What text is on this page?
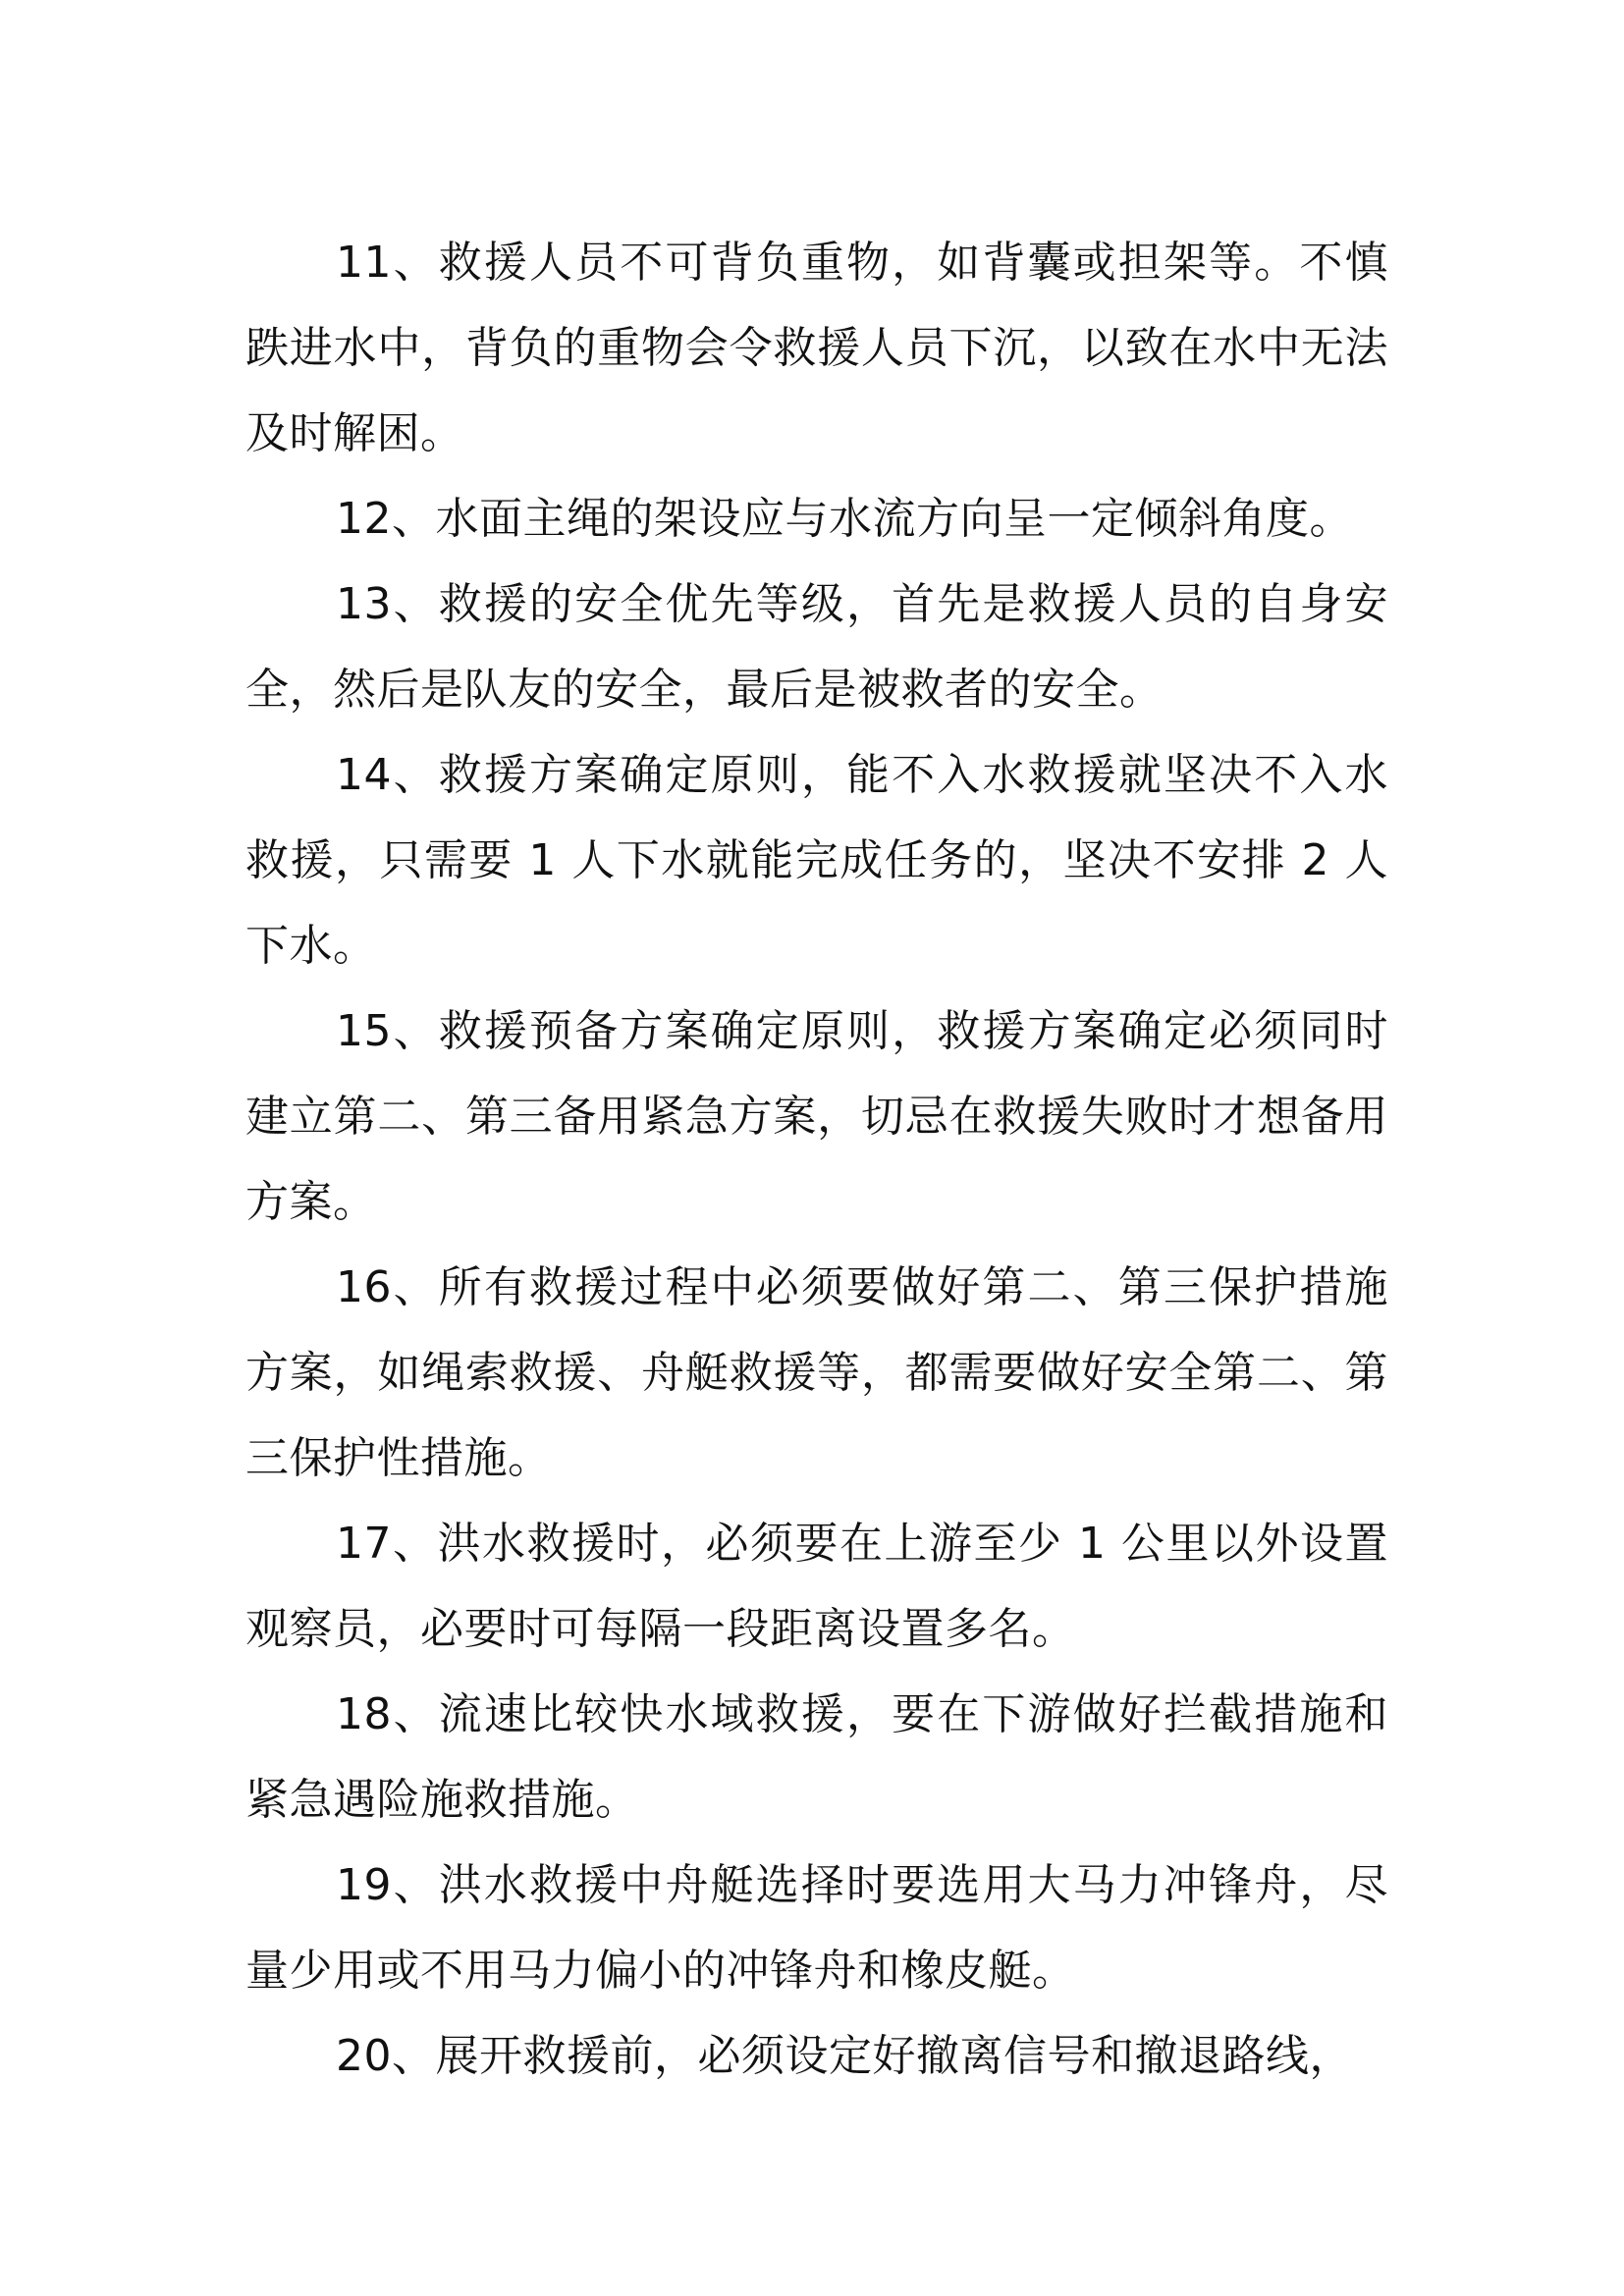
11、救援人员不可背负重物，如背囊或担架等。不慎跌进水中，背负的重物会令救援人员下沉，以致在水中无法及时解困。

12、水面主绳的架设应与水流方向呈一定倾斜角度。

13、救援的安全优先等级，首先是救援人员的自身安全，然后是队友的安全，最后是被救者的安全。

14、救援方案确定原则，能不入水救援就坚决不入水救援，只需要 1 人下水就能完成任务的，坚决不安排 2 人下水。

15、救援预备方案确定原则，救援方案确定必须同时建立第二、第三备用紧急方案，切忌在救援失败时才想备用方案。

16、所有救援过程中必须要做好第二、第三保护措施方案，如绳索救援、舟艇救援等，都需要做好安全第二、第三保护性措施。

17、洪水救援时，必须要在上游至少 1 公里以外设置观察员，必要时可每隔一段距离设置多名。

18、流速比较快水域救援，要在下游做好拦截措施和紧急遇险施救措施。

19、洪水救援中舟艇选择时要选用大马力冲锋舟，尽量少用或不用马力偏小的冲锋舟和橡皮艇。

20、展开救援前，必须设定好撤离信号和撤退路线，
